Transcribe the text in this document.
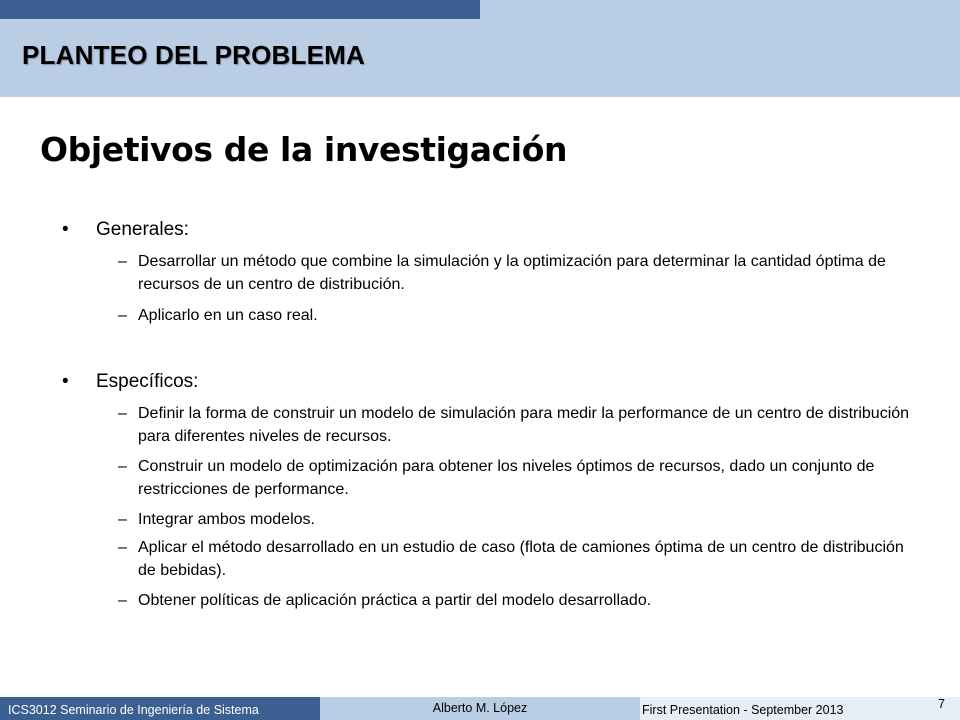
PLANTEO DEL PROBLEMA
Objetivos de la investigación
•	Generales:
– Desarrollar un método que combine la simulación y la optimización para determinar la cantidad óptima de recursos de un centro de distribución.
– Aplicarlo en un caso real.
•	Específicos:
– Definir la forma de construir un modelo de simulación para medir la performance de un centro de distribución para diferentes niveles de recursos.
– Construir un modelo de optimización para obtener los niveles óptimos de recursos, dado un conjunto de restricciones de performance.
– Integrar ambos modelos.
– Aplicar el método desarrollado en un estudio de caso (flota de camiones óptima de un centro de distribución de bebidas).
– Obtener políticas de aplicación práctica a partir del modelo desarrollado.
ICS3012 Seminario de Ingeniería de Sistema	Alberto M. López	First Presentation - September 2013	7
